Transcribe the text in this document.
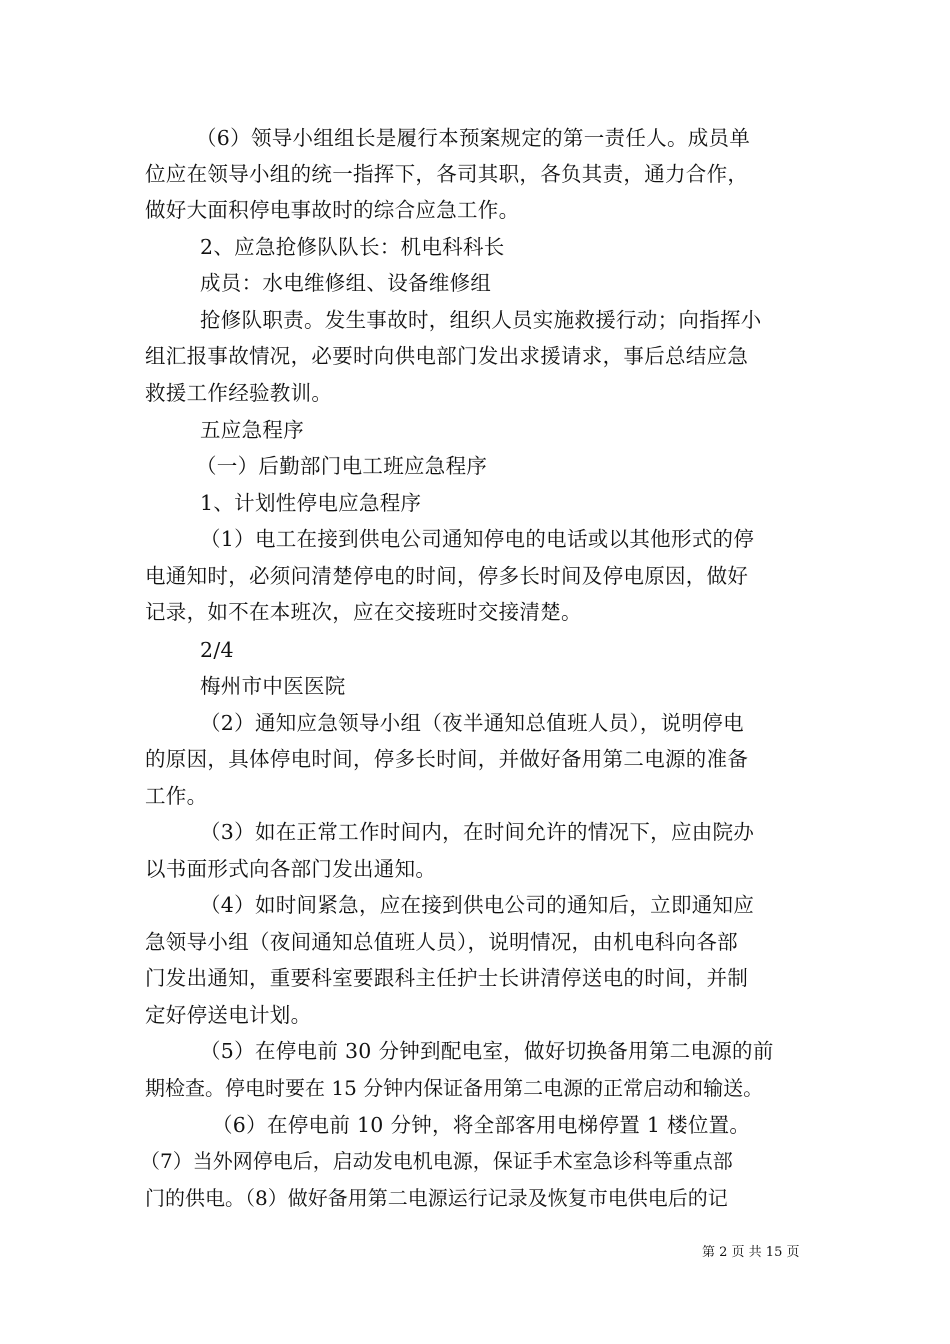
（6）领导小组组长是履行本预案规定的第一责任人。成员单
位应在领导小组的统一指挥下，各司其职，各负其责，通力合作，
做好大面积停电事故时的综合应急工作。
2、应急抢修队队长：机电科科长
成员：水电维修组、设备维修组
抢修队职责。发生事故时，组织人员实施救援行动；向指挥小
组汇报事故情况，必要时向供电部门发出求援请求，事后总结应急
救援工作经验教训。
五应急程序
（一）后勤部门电工班应急程序
1、计划性停电应急程序
（1）电工在接到供电公司通知停电的电话或以其他形式的停
电通知时，必须问清楚停电的时间，停多长时间及停电原因，做好
记录，如不在本班次，应在交接班时交接清楚。
2/4
梅州市中医医院
（2）通知应急领导小组（夜半通知总值班人员），说明停电
的原因，具体停电时间，停多长时间，并做好备用第二电源的准备
工作。
（3）如在正常工作时间内，在时间允许的情况下，应由院办
以书面形式向各部门发出通知。
（4）如时间紧急，应在接到供电公司的通知后，立即通知应
急领导小组（夜间通知总值班人员），说明情况，由机电科向各部
门发出通知，重要科室要跟科主任护士长讲清停送电的时间，并制
定好停送电计划。
（5）在停电前 30 分钟到配电室，做好切换备用第二电源的前
期检查。停电时要在 15 分钟内保证备用第二电源的正常启动和输送。
（6）在停电前 10 分钟，将全部客用电梯停置 1 楼位置。
（7）当外网停电后，启动发电机电源，保证手术室急诊科等重点部
门的供电。（8）做好备用第二电源运行记录及恢复市电供电后的记
第 2 页 共 15 页
